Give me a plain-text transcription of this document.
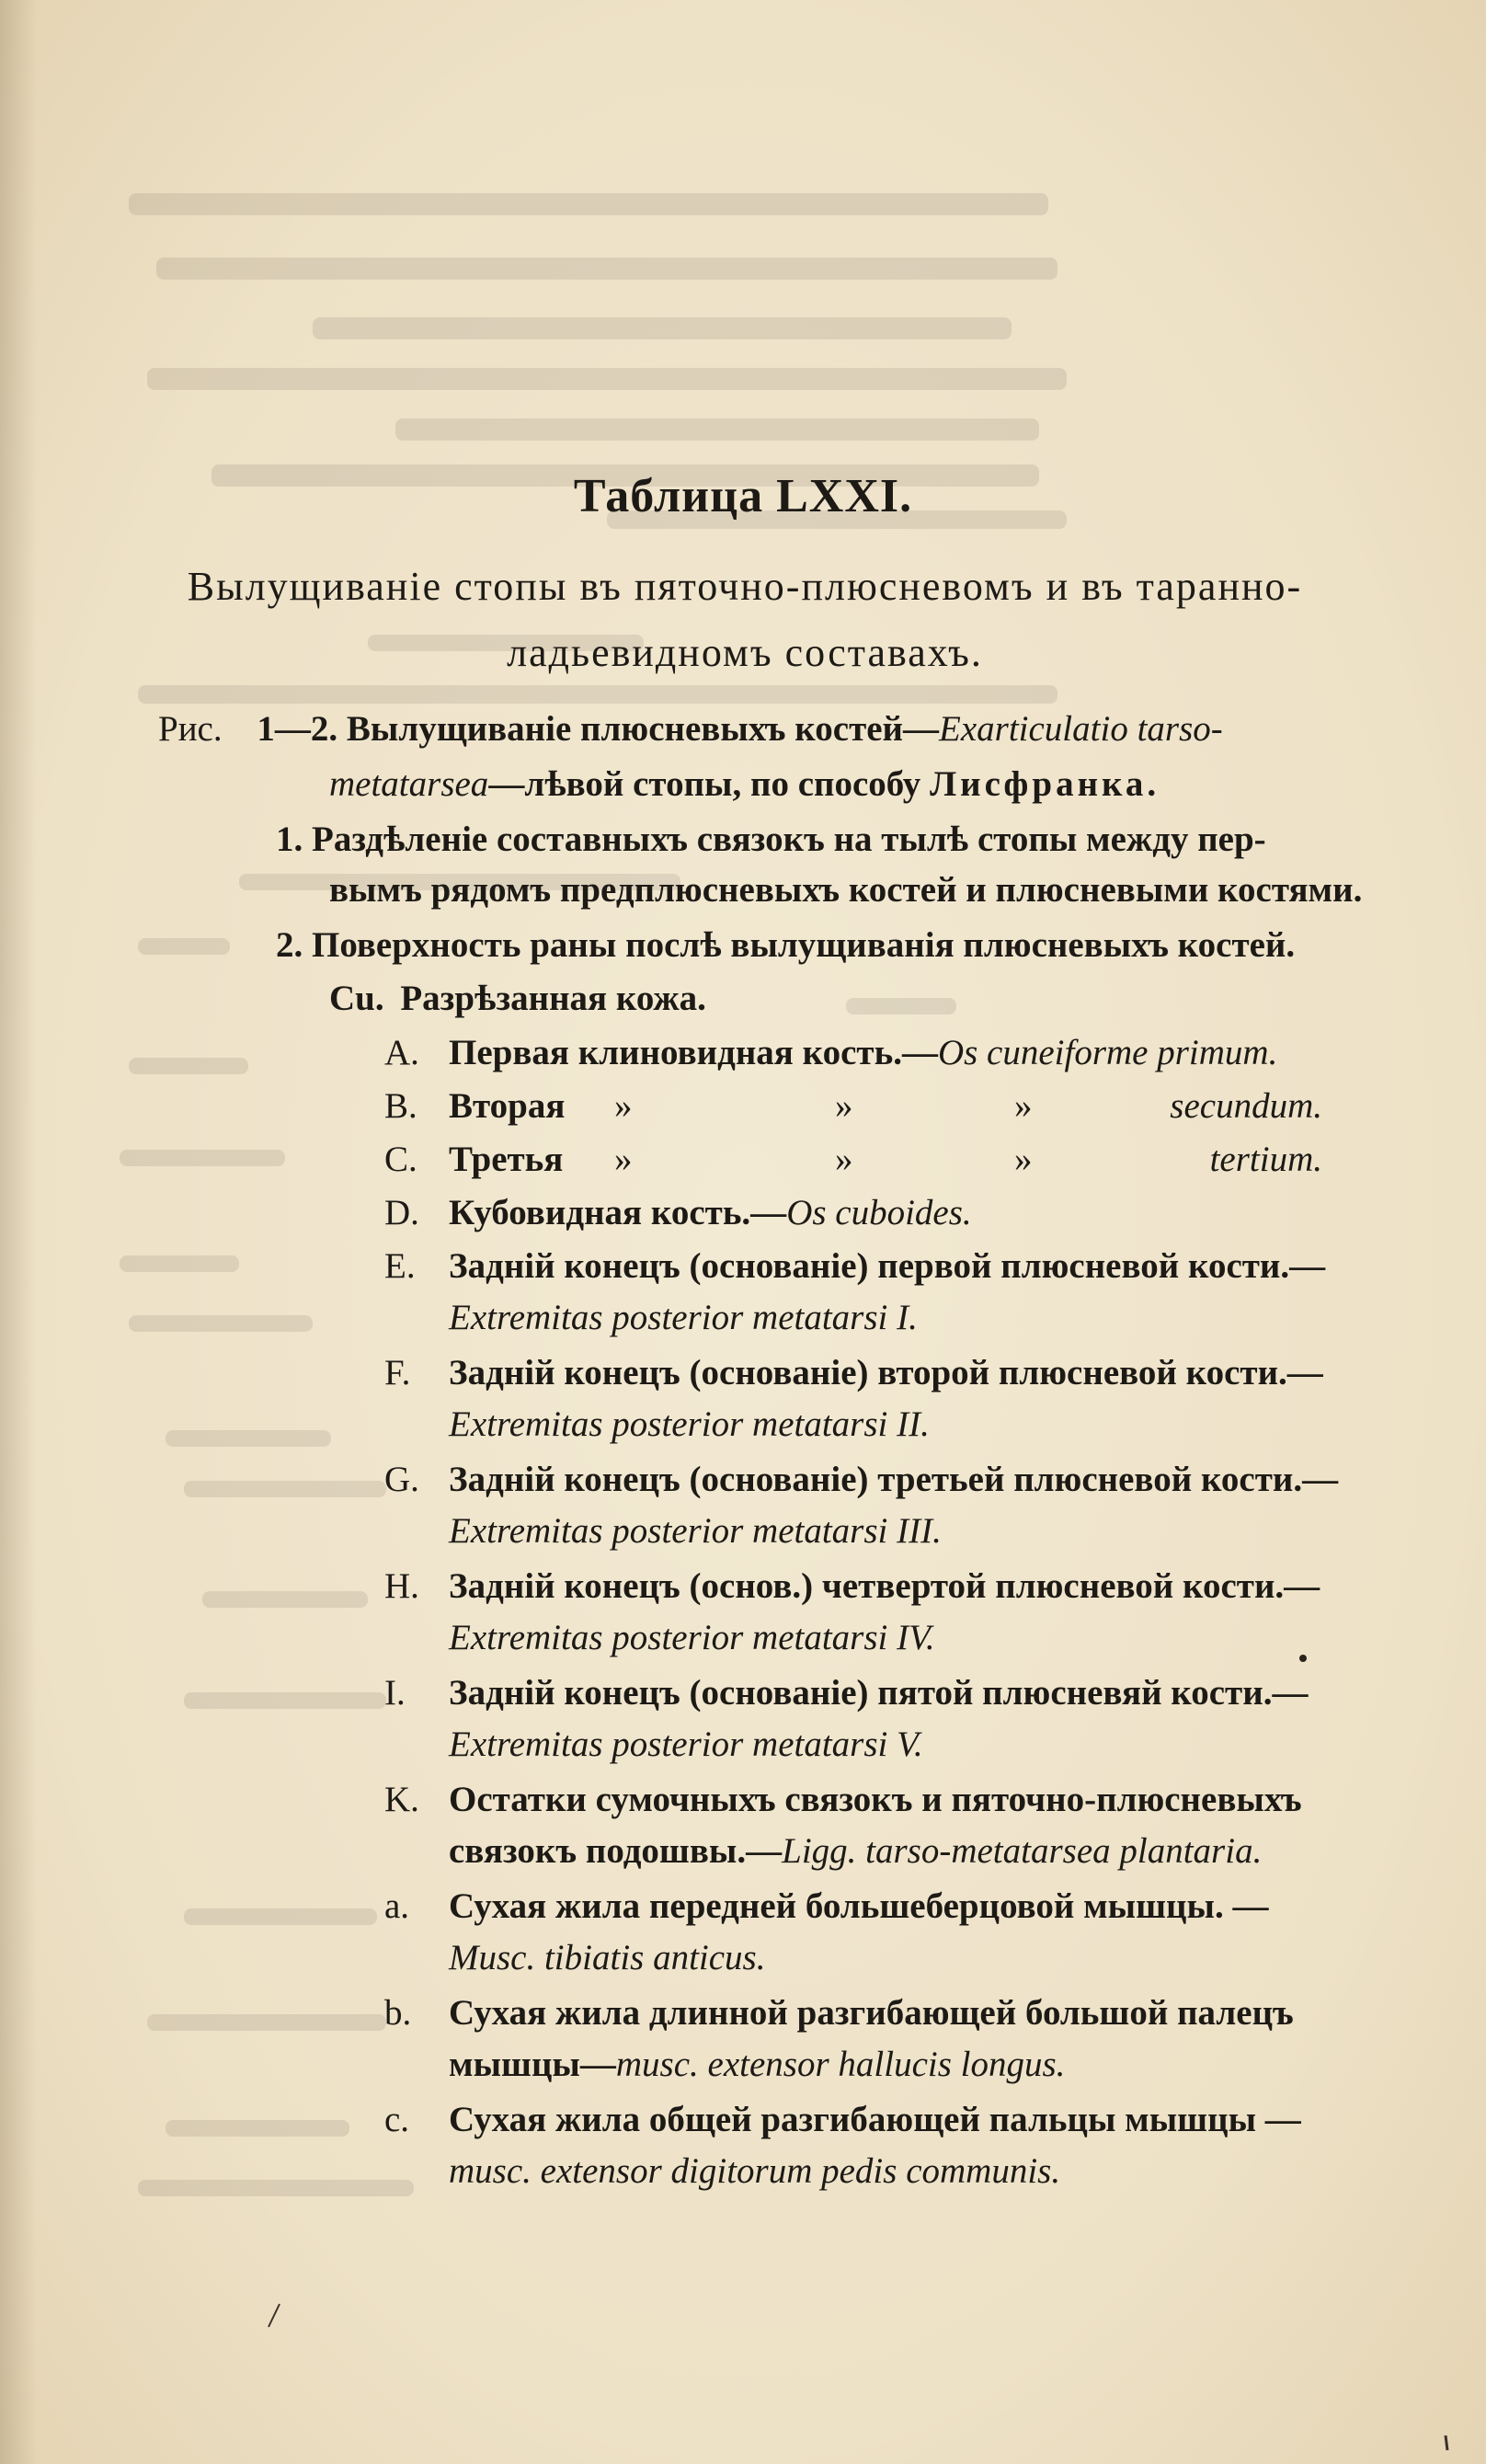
Таблица LXXI.
Вылущиванiе стопы въ пяточно-плюсневомъ и въ таранно-
ладьевидномъ составахъ.
Рис. 1—2. Вылущиванiе плюсневыхъ костей—Exarticulatio tarso-
metatarsea—лѣвой стопы, по способу Лисфранка.
1. Раздѣленiе составныхъ связокъ на тылѣ стопы между пер-
вымъ рядомъ предплюсневыхъ костей и плюсневыми костями.
2. Поверхность раны послѣ вылущиванiя плюсневыхъ костей.
Cu. Разрѣзанная кожа.
A. Первая клиновидная кость.—Os cuneiforme primum.
B. Вторая »	»	»	secundum.
C. Третья »	»	»	tertium.
D. Кубовидная кость.—Os cuboides.
E. Заднiй конецъ (основанiе) первой плюсневой кости.—
Extremitas posterior metatarsi I.
F. Заднiй конецъ (основанiе) второй плюсневой кости.—
Extremitas posterior metatarsi II.
G. Заднiй конецъ (основанiе) третьей плюсневой кости.—
Extremitas posterior metatarsi III.
H. Заднiй конецъ (основ.) четвертой плюсневой кости.—
Extremitas posterior metatarsi IV.
I. Заднiй конецъ (основанiе) пятой плюсневяй кости.—
Extremitas posterior metatarsi V.
K. Остатки сумочныхъ связокъ и пяточно-плюсневыхъ
связокъ подошвы.—Ligg. tarso-metatarsea plantaria.
a. Сухая жила передней большеберцовой мышцы. —
Musc. tibiatis anticus.
b. Сухая жила длинной разгибающей большой палецъ
мышцы—musc. extensor hallucis longus.
c. Сухая жила общей разгибающей пальцы мышцы —
musc. extensor digitorum pedis communis.
